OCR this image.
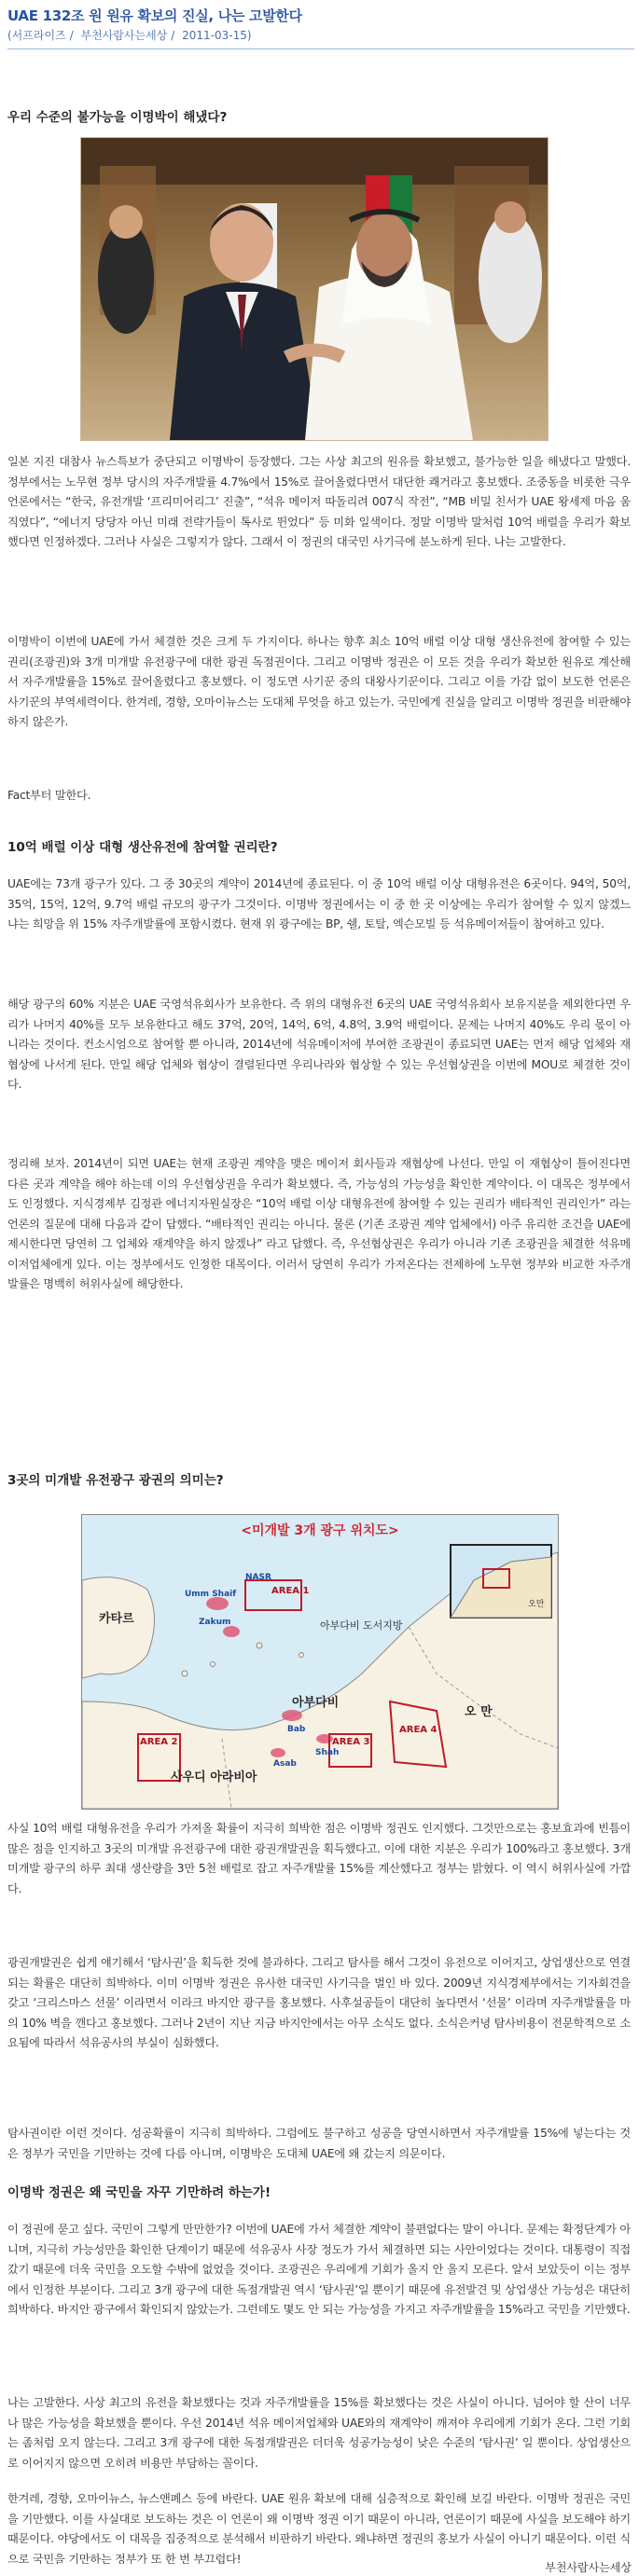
UAE 132조 원 원유 확보의 진실, 나는 고발한다
(서프라이즈 / 부천사람사는세상 / 2011-03-15)
우리 수준의 불가능을 이명박이 해냈다?

일본 지진 대참사 뉴스특보가 중단되고 이명박이 등장했다. 그는 사상 최고의 원유를 확보했고, 불가능한 일을 해냈다고 말했다. 정부에서는 노무현 정부 당시의 자주개발률 4.7%에서 15%로 끌어올렸다면서 대단한 쾌거라고 홍보했다. 조중동을 비롯한 극우언론에서는 “한국, 유전개발 ‘프리미어리그’ 진출”, “석유 메이저 따돌리려 007식 작전”, “MB 비밀 친서가 UAE 왕세제 마음 움직였다”, “에너지 당당자 아닌 미래 전략가들이 톡사로 뛴었다” 등 미화 일색이다. 정말 이명박 말처럼 10억 배럴을 우리가 확보했다면 인정하겠다. 그러나 사실은 그렇지가 않다. 그래서 이 정권의 대국민 사기극에 분노하게 된다. 나는 고발한다.

이명박이 이번에 UAE에 가서 체결한 것은 크게 두 가지이다. 하나는 향후 최소 10억 배럴 이상 대형 생산유전에 참여할 수 있는 권리(조광권)와 3개 미개발 유전광구에 대한 광권 독점권이다. 그리고 이명박 정권은 이 모든 것을 우리가 확보한 원유로 계산해서 자주개발률을 15%로 끌어올렸다고 홍보했다. 이 정도면 사기꾼 중의 대왕사기꾼이다. 그리고 이를 가감 없이 보도한 언론은 사기꾼의 부역세력이다. 한겨레, 경향, 오마이뉴스는 도대체 무엇을 하고 있는가. 국민에게 진실을 알리고 이명박 정권을 비판해야 하지 않은가.

Fact부터 말한다.

10억 배럴 이상 대형 생산유전에 참여할 권리란?

UAE에는 73개 광구가 있다. 그 중 30곳의 계약이 2014년에 종료된다. 이 중 10억 배럴 이상 대형유전은 6곳이다. 94억, 50억, 35억, 15억, 12억, 9.7억 배럴 규모의 광구가 그것이다. 이명박 정권에서는 이 중 한 곳 이상에는 우리가 참여할 수 있지 않겠느냐는 희망을 위 15% 자주개발률에 포함시켰다. 현재 위 광구에는 BP, 쉘, 토탈, 엑슨모빌 등 석유메이저들이 참여하고 있다.

해당 광구의 60% 지분은 UAE 국영석유회사가 보유한다. 즉 위의 대형유전 6곳의 UAE 국영석유회사 보유지분을 제외한다면 우리가 나머지 40%를 모두 보유한다고 해도 37억, 20억, 14억, 6억, 4.8억, 3.9억 배럴이다. 문제는 나머지 40%도 우리 몫이 아니라는 것이다. 컨소시엄으로 참여할 뿐 아니라, 2014년에 석유메이저에 부여한 조광권이 종료되면 UAE는 먼저 해당 업체와 재협상에 나서게 된다. 만일 해당 업체와 협상이 결렬된다면 우리나라와 협상할 수 있는 우선협상권을 이번에 MOU로 체결한 것이다.

정리해 보자. 2014년이 되면 UAE는 현재 조광권 계약을 맺은 메이저 회사들과 재협상에 나선다. 만일 이 재협상이 틀어진다면 다른 곳과 계약을 해야 하는데 이의 우선협상권을 우리가 확보했다. 즉, 가능성의 가능성을 확인한 계약이다. 이 대목은 정부에서도 인정했다. 지식경제부 김정관 에너지자원실장은 “10억 배럴 이상 대형유전에 참여할 수 있는 권리가 배타적인 권리인가” 라는 언론의 질문에 대해 다음과 같이 답했다. “배타적인 권리는 아니다. 물론 (기존 조광권 계약 업체에서) 아주 유리한 조건을 UAE에 제시한다면 당연히 그 업체와 재계약을 하지 않겠나” 라고 답했다. 즉, 우선협상권은 우리가 아니라 기존 조광권을 체결한 석유메이저업체에게 있다. 이는 정부에서도 인정한 대목이다. 이러서 당연히 우리가 가져온다는 전제하에 노무현 정부와 비교한 자주개발률은 명백히 허위사실에 해당한다.

3곳의 미개발 유전광구 광권의 의미는?
<미개발 3개 광구 위치도>
카타르	아부다비 도서지방
아부다비
사우디 아라비아
오 만
AREA 1
AREA 2	AREA 3
AREA 4
Zakum
Umm Shaif
NASR
Bab
Asab
Shah
오만

사실 10억 배럴 대형유전을 우리가 가져올 확률이 지극히 희박한 점은 이명박 정권도 인지했다. 그것만으로는 홍보효과에 빈틈이 많은 점을 인지하고 3곳의 미개발 유전광구에 대한 광권개발권을 획득했다고. 이에 대한 지분은 우리가 100%라고 홍보했다. 3개 미개발 광구의 하루 최대 생산량을 3만 5천 배럴로 잡고 자주개발률 15%를 계산했다고 정부는 밝혔다. 이 역시 허위사실에 가깝다.

광권개발권은 쉽게 얘기해서 ‘탐사권’을 획득한 것에 불과하다. 그리고 탐사를 해서 그것이 유전으로 이어지고, 상업생산으로 연결되는 확률은 대단히 희박하다. 이미 이명박 정권은 유사한 대국민 사기극을 벌인 바 있다. 2009년 지식경제부에서는 기자회견을 갖고 ‘크리스마스 선물’ 이라면서 이라크 바지안 광구를 홍보했다. 사후설공들이 대단히 높다면서 ‘선물’ 이라며 자주개발률을 마의 10% 벽을 깬다고 홍보했다. 그러나 2년이 지난 지금 바지안에서는 아무 소식도 없다. 소식은커녕 탐사비용이 전문학적으로 소요됨에 따라서 석유공사의 부실이 심화했다.

탐사권이란 이런 것이다. 성공확률이 지극히 희박하다. 그럼에도 불구하고 성공을 당연시하면서 자주개발률 15%에 넣는다는 것은 정부가 국민을 기만하는 것에 다름 아니며, 이명박은 도대체 UAE에 왜 갔는지 의문이다.

이명박 정권은 왜 국민을 자꾸 기만하려 하는가!

이 정권에 묻고 싶다. 국민이 그렇게 만만한가? 이번에 UAE에 가서 체결한 계약이 불편없다는 말이 아니다. 문제는 확정단계가 아니며, 지극히 가능성만을 확인한 단계이기 때문에 석유공사 사장 정도가 가서 체결하면 되는 사안이었다는 것이다. 대통령이 직접 갔기 때문에 더욱 국민을 오도할 수밖에 없었을 것이다. 조광권은 우리에게 기회가 올지 안 올지 모른다. 알서 보았듯이 이는 정부에서 인정한 부분이다. 그리고 3개 광구에 대한 독점개발권 역시 ‘탐사권’일 뿐이기 때문에 유전발견 및 상업생산 가능성은 대단히 희박하다. 바지안 광구에서 확인되지 않았는가. 그런데도 몇도 안 되는 가능성을 가지고 자주개발률을 15%라고 국민을 기만했다.

나는 고발한다. 사상 최고의 유전을 확보했다는 것과 자주개발률을 15%를 확보했다는 것은 사실이 아니다. 넘어야 할 산이 너무나 많은 가능성을 확보했을 뿐이다. 우선 2014년 석유 메이저업체와 UAE와의 재계약이 깨져야 우리에게 기회가 온다. 그런 기회는 좀처럼 오지 않는다. 그리고 3개 광구에 대한 독점개발권은 더더욱 성공가능성이 낮은 수준의 ‘탐사권’ 일 뿐이다. 상업생산으로 이어지지 않으면 오히려 비용만 부담하는 꼴이다.

한겨레, 경향, 오마이뉴스, 뉴스앤폐스 등에 바란다. UAE 원유 확보에 대해 심층적으로 확인해 보길 바란다. 이명박 정권은 국민을 기만했다. 이를 사실대로 보도하는 것은 이 언론이 왜 이명박 정권 이기 때문이 아니라, 언론이기 때문에 사실을 보도해야 하기 때문이다. 야당에서도 이 대목을 집중적으로 분석해서 비판하기 바란다. 왜냐하면 정권의 홍보가 사실이 아니기 때문이다. 이런 식으로 국민을 기만하는 정부가 또 한 번 부끄럽다!

부천사람사는세상
